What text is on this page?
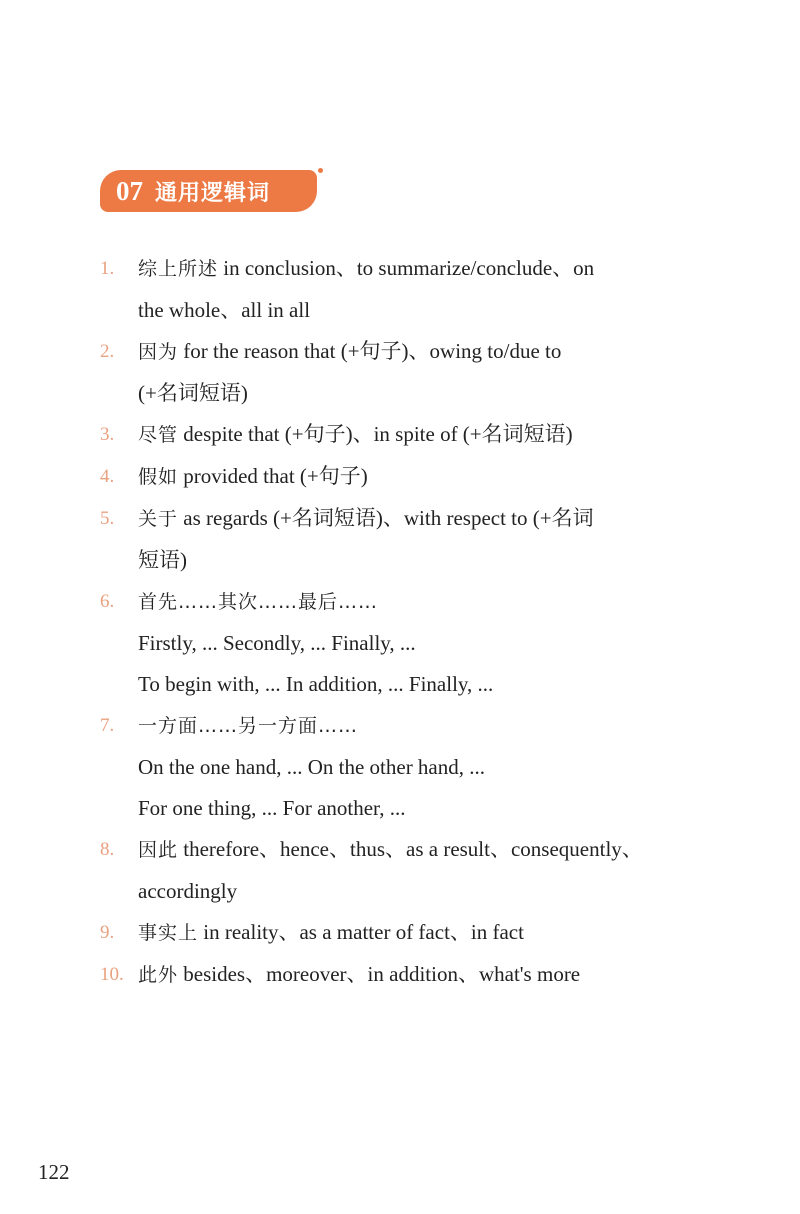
07 通用逻辑词
1. 综上所述 in conclusion、to summarize/conclude、on
the whole、all in all
2. 因为 for the reason that (+句子)、owing to/due to
(+名词短语)
3. 尽管 despite that (+句子)、in spite of (+名词短语)
4. 假如 provided that (+句子)
5. 关于 as regards (+名词短语)、with respect to (+名词
短语)
6. 首先……其次……最后……
Firstly, ... Secondly, ... Finally, ...
To begin with, ... In addition, ... Finally, ...
7. 一方面……另一方面……
On the one hand, ... On the other hand, ...
For one thing, ... For another, ...
8. 因此 therefore、hence、thus、as a result、consequently、
accordingly
9. 事实上 in reality、as a matter of fact、in fact
10. 此外 besides、moreover、in addition、what's more
122
